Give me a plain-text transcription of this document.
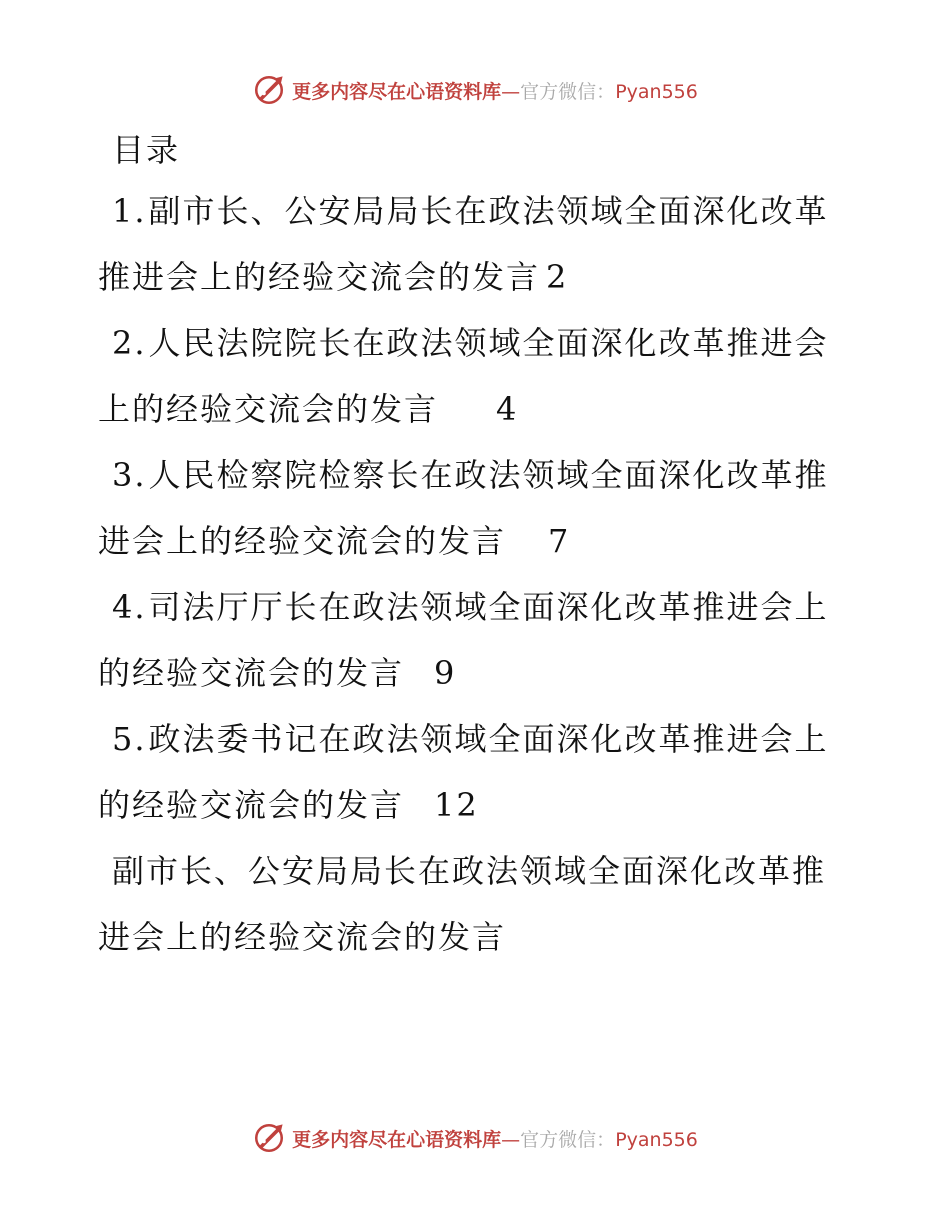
更多内容尽在心语资料库—官方微信：Pyan556
目录

1.副市长、公安局局长在政法领域全面深化改革推进会上的经验交流会的发言 2

2.人民法院院长在政法领域全面深化改革推进会上的经验交流会的发言 4

3.人民检察院检察长在政法领域全面深化改革推进会上的经验交流会的发言 7

4.司法厅厅长在政法领域全面深化改革推进会上的经验交流会的发言 9

5.政法委书记在政法领域全面深化改革推进会上的经验交流会的发言 12

副市长、公安局局长在政法领域全面深化改革推进会上的经验交流会的发言

更多内容尽在心语资料库—官方微信：Pyan556
